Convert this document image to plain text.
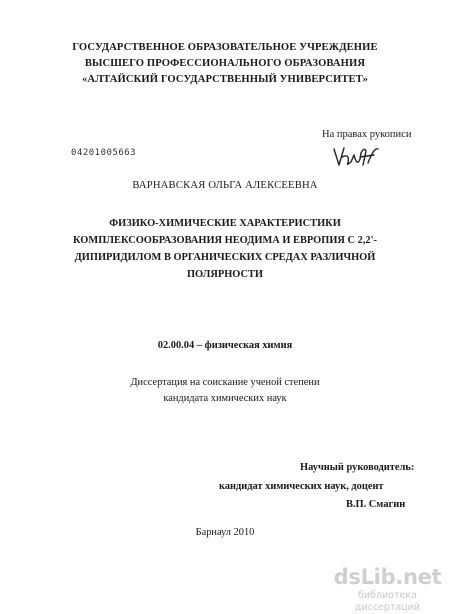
ГОСУДАРСТВЕННОЕ ОБРАЗОВАТЕЛЬНОЕ УЧРЕЖДЕНИЕ
ВЫСШЕГО ПРОФЕССИОНАЛЬНОГО ОБРАЗОВАНИЯ
«АЛТАЙСКИЙ ГОСУДАРСТВЕННЫЙ УНИВЕРСИТЕТ»
На правах рукописи
04201005663
ВАРНАВСКАЯ ОЛЬГА АЛЕКСЕЕВНА
ФИЗИКО-ХИМИЧЕСКИЕ ХАРАКТЕРИСТИКИ
КОМПЛЕКСООБРАЗОВАНИЯ НЕОДИМА И ЕВРОПИЯ С 2,2'-
ДИПИРИДИЛОМ В ОРГАНИЧЕСКИХ СРЕДАХ РАЗЛИЧНОЙ
ПОЛЯРНОСТИ
02.00.04 – физическая химия
Диссертация на соискание ученой степени
кандидата химических наук
Научный руководитель:
кандидат химических наук, доцент
В.П. Смагин
Барнаул 2010
dsLib.net
библиотека диссертаций
